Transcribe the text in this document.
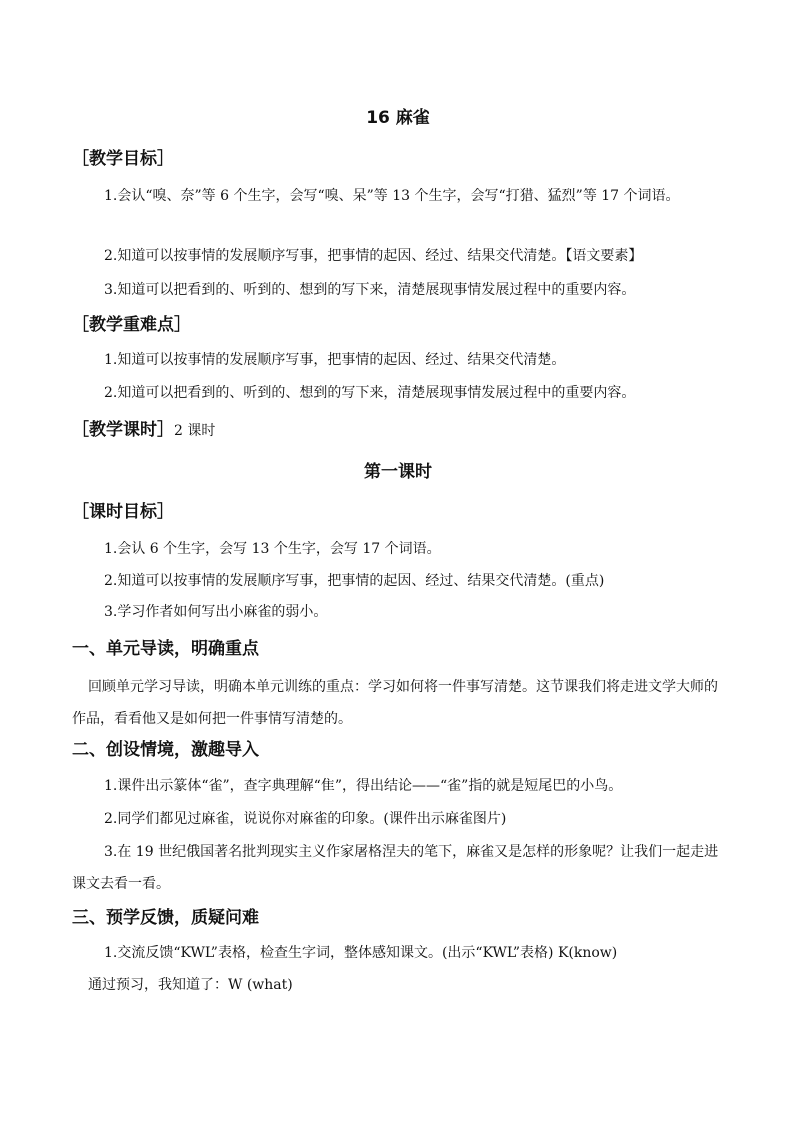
16 麻雀
［教学目标］
1.会认“嗅、奈”等 6 个生字，会写“嗅、呆”等 13 个生字，会写“打猎、猛烈”等 17 个词语。
2.知道可以按事情的发展顺序写事，把事情的起因、经过、结果交代清楚。【语文要素】
3.知道可以把看到的、听到的、想到的写下来，清楚展现事情发展过程中的重要内容。
［教学重难点］
1.知道可以按事情的发展顺序写事，把事情的起因、经过、结果交代清楚。
2.知道可以把看到的、听到的、想到的写下来，清楚展现事情发展过程中的重要内容。
［教学课时］2 课时
第一课时
［课时目标］
1.会认 6 个生字，会写 13 个生字，会写 17 个词语。
2.知道可以按事情的发展顺序写事，把事情的起因、经过、结果交代清楚。(重点)
3.学习作者如何写出小麻雀的弱小。
一、单元导读，明确重点
回顾单元学习导读，明确本单元训练的重点：学习如何将一件事写清楚。这节课我们将走进文学大师的作品，看看他又是如何把一件事情写清楚的。
二、创设情境，激趣导入
1.课件出示篆体“雀”，查字典理解“隹”，得出结论——“雀”指的就是短尾巴的小鸟。
2.同学们都见过麻雀，说说你对麻雀的印象。(课件出示麻雀图片)
3.在 19 世纪俄国著名批判现实主义作家屠格涅夫的笔下，麻雀又是怎样的形象呢？让我们一起走进课文去看一看。
三、预学反馈，质疑问难
1.交流反馈“KWL”表格，检查生字词，整体感知课文。(出示“KWL”表格) K(know)
通过预习，我知道了：W (what)
